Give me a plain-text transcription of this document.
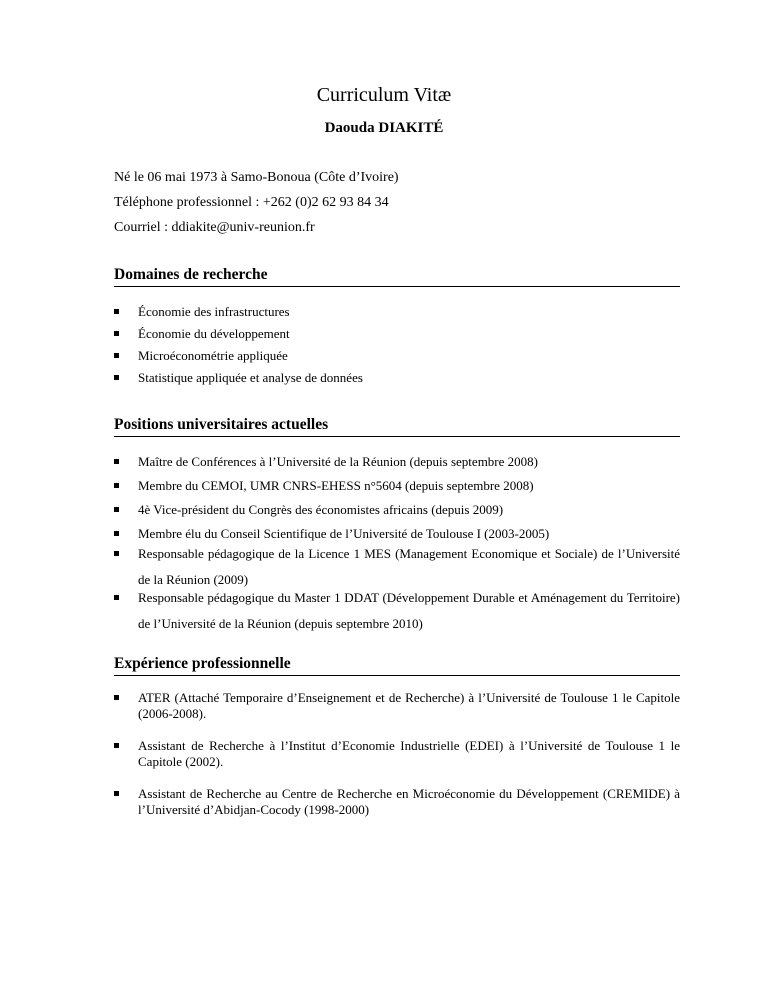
Curriculum Vitæ
Daouda DIAKITÉ
Né le 06 mai 1973 à Samo-Bonoua (Côte d’Ivoire)
Téléphone professionnel : +262 (0)2 62 93 84 34
Courriel : ddiakite@univ-reunion.fr
Domaines de recherche
Économie des infrastructures
Économie du développement
Microéconométrie appliquée
Statistique appliquée et analyse de données
Positions universitaires actuelles
Maître de Conférences à l’Université de la Réunion (depuis septembre 2008)
Membre du CEMOI, UMR CNRS-EHESS n°5604 (depuis septembre 2008)
4è Vice-président du Congrès des économistes africains (depuis 2009)
Membre élu du Conseil Scientifique de l’Université de Toulouse I (2003-2005)
Responsable pédagogique de la Licence 1 MES (Management Economique et Sociale) de l’Université de la Réunion (2009)
Responsable pédagogique du Master 1 DDAT (Développement Durable et Aménagement du Territoire) de l’Université de la Réunion (depuis septembre 2010)
Expérience professionnelle
ATER (Attaché Temporaire d’Enseignement et de Recherche) à l’Université de Toulouse 1 le Capitole (2006-2008).
Assistant de Recherche à l’Institut d’Economie Industrielle (EDEI) à l’Université de Toulouse 1 le Capitole (2002).
Assistant de Recherche au Centre de Recherche en Microéconomie du Développement (CREMIDE) à l’Université d’Abidjan-Cocody (1998-2000)
